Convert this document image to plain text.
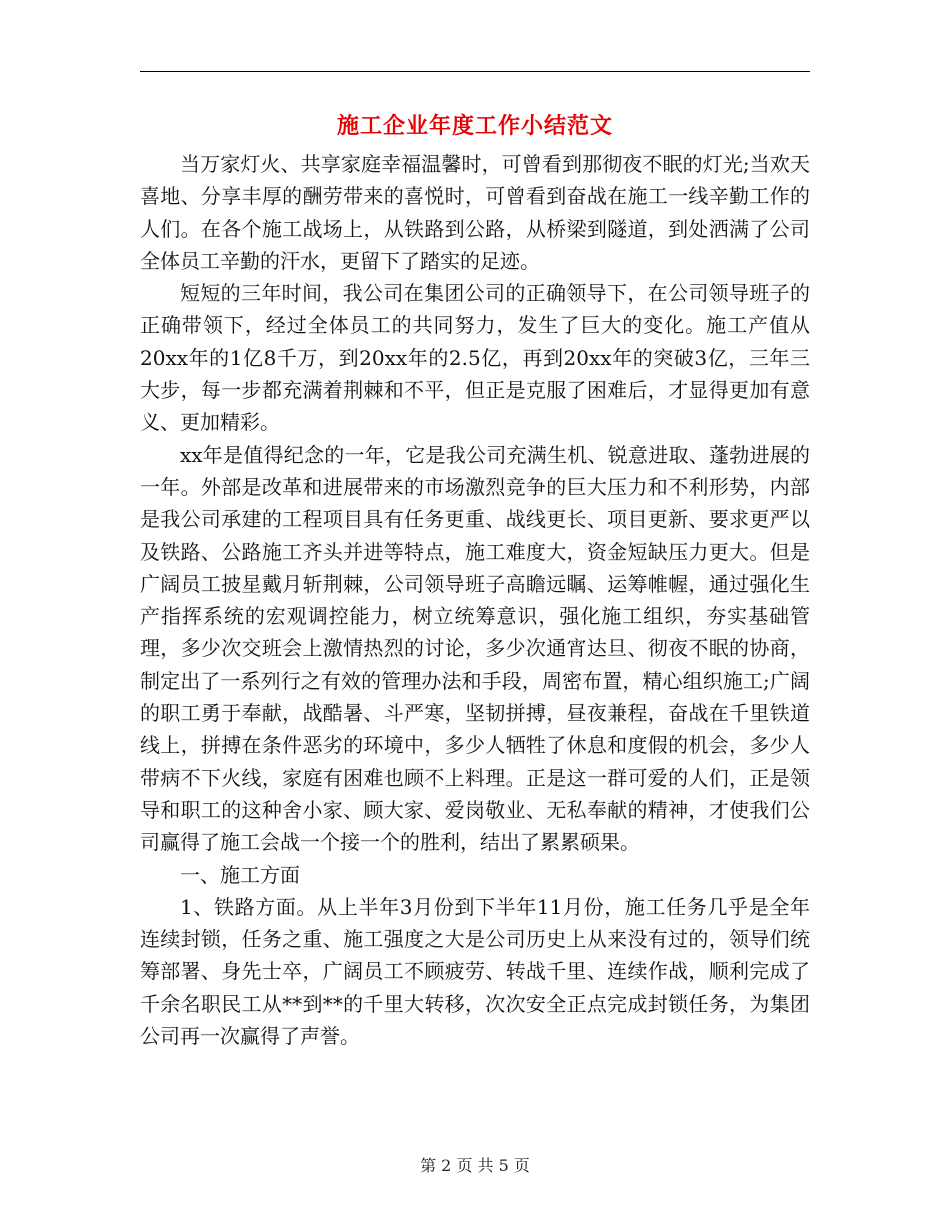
施工企业年度工作小结范文

当万家灯火、共享家庭幸福温馨时，可曾看到那彻夜不眠的灯光;当欢天喜地、分享丰厚的酬劳带来的喜悦时，可曾看到奋战在施工一线辛勤工作的人们。在各个施工战场上，从铁路到公路，从桥梁到隧道，到处洒满了公司全体员工辛勤的汗水，更留下了踏实的足迹。

短短的三年时间，我公司在集团公司的正确领导下，在公司领导班子的正确带领下，经过全体员工的共同努力，发生了巨大的变化。施工产值从20xx年的1亿8千万，到20xx年的2.5亿，再到20xx年的突破3亿，三年三大步，每一步都充满着荆棘和不平，但正是克服了困难后，才显得更加有意义、更加精彩。

xx年是值得纪念的一年，它是我公司充满生机、锐意进取、蓬勃进展的一年。外部是改革和进展带来的市场激烈竞争的巨大压力和不利形势，内部是我公司承建的工程项目具有任务更重、战线更长、项目更新、要求更严以及铁路、公路施工齐头并进等特点，施工难度大，资金短缺压力更大。但是广阔员工披星戴月斩荆棘，公司领导班子高瞻远瞩、运筹帷幄，通过强化生产指挥系统的宏观调控能力，树立统筹意识，强化施工组织，夯实基础管理，多少次交班会上激情热烈的讨论，多少次通宵达旦、彻夜不眠的协商，制定出了一系列行之有效的管理办法和手段，周密布置，精心组织施工;广阔的职工勇于奉献，战酷暑、斗严寒，坚韧拼搏，昼夜兼程，奋战在千里铁道线上，拼搏在条件恶劣的环境中，多少人牺牲了休息和度假的机会，多少人带病不下火线，家庭有困难也顾不上料理。正是这一群可爱的人们，正是领导和职工的这种舍小家、顾大家、爱岗敬业、无私奉献的精神，才使我们公司赢得了施工会战一个接一个的胜利，结出了累累硕果。

一、施工方面

1、铁路方面。从上半年3月份到下半年11月份，施工任务几乎是全年连续封锁，任务之重、施工强度之大是公司历史上从来没有过的，领导们统筹部署、身先士卒，广阔员工不顾疲劳、转战千里、连续作战，顺利完成了千余名职民工从**到**的千里大转移，次次安全正点完成封锁任务，为集团公司再一次赢得了声誉。

第 2 页 共 5 页
